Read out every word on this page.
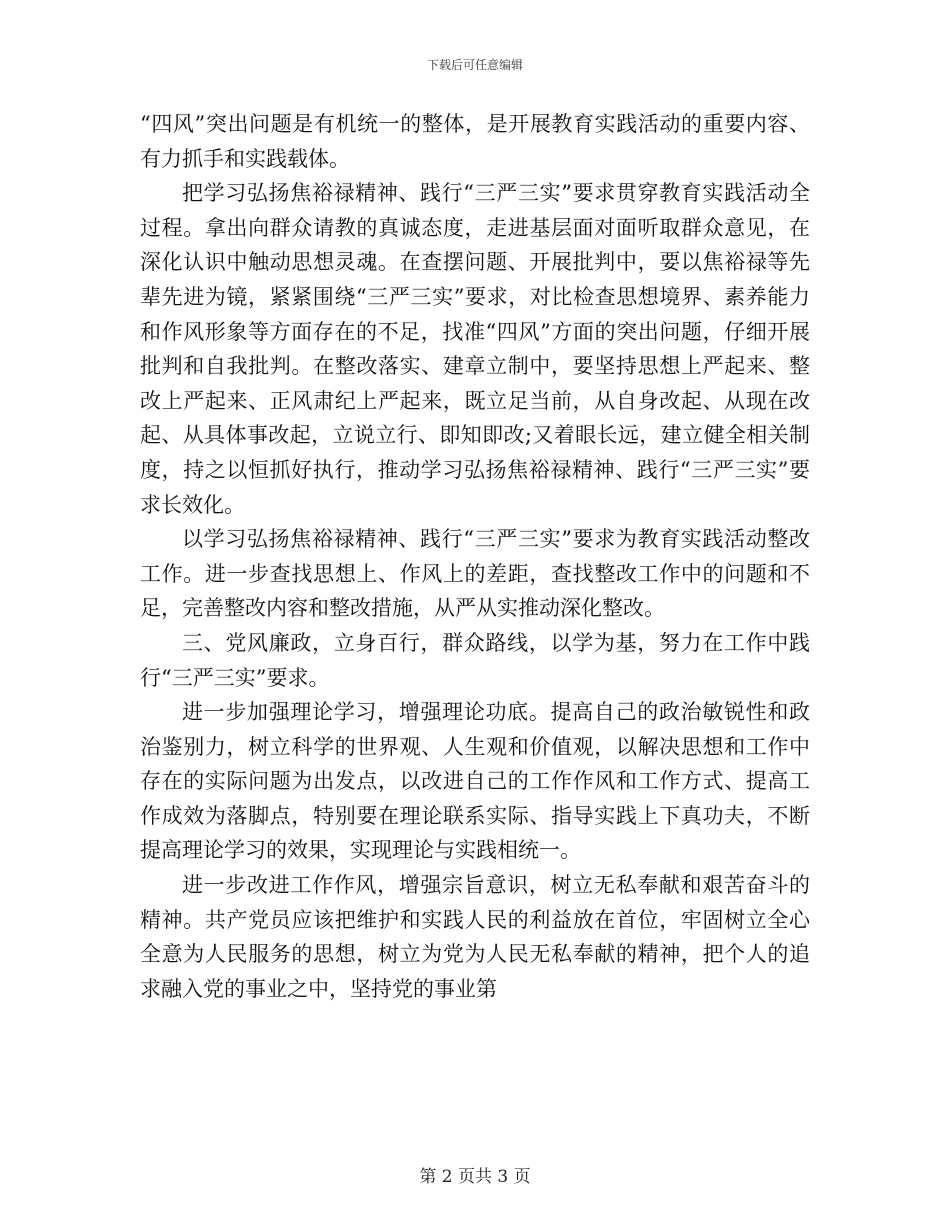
下载后可任意编辑

“四风”突出问题是有机统一的整体，是开展教育实践活动的重要内容、有力抓手和实践载体。

把学习弘扬焦裕禄精神、践行“三严三实”要求贯穿教育实践活动全过程。拿出向群众请教的真诚态度，走进基层面对面听取群众意见，在深化认识中触动思想灵魂。在查摆问题、开展批判中，要以焦裕禄等先辈先进为镜，紧紧围绕“三严三实”要求，对比检查思想境界、素养能力和作风形象等方面存在的不足，找准“四风”方面的突出问题，仔细开展批判和自我批判。在整改落实、建章立制中，要坚持思想上严起来、整改上严起来、正风肃纪上严起来，既立足当前，从自身改起、从现在改起、从具体事改起，立说立行、即知即改;又着眼长远，建立健全相关制度，持之以恒抓好执行，推动学习弘扬焦裕禄精神、践行“三严三实”要求长效化。

以学习弘扬焦裕禄精神、践行“三严三实”要求为教育实践活动整改工作。进一步查找思想上、作风上的差距，查找整改工作中的问题和不足，完善整改内容和整改措施，从严从实推动深化整改。

三、党风廉政，立身百行，群众路线，以学为基，努力在工作中践行“三严三实”要求。

进一步加强理论学习，增强理论功底。提高自己的政治敏锐性和政治鉴别力，树立科学的世界观、人生观和价值观，以解决思想和工作中存在的实际问题为出发点，以改进自己的工作作风和工作方式、提高工作成效为落脚点，特别要在理论联系实际、指导实践上下真功夫，不断提高理论学习的效果，实现理论与实践相统一。

进一步改进工作作风，增强宗旨意识，树立无私奉献和艰苦奋斗的精神。共产党员应该把维护和实践人民的利益放在首位，牢固树立全心全意为人民服务的思想，树立为党为人民无私奉献的精神，把个人的追求融入党的事业之中，坚持党的事业第

第 2 页共 3 页
